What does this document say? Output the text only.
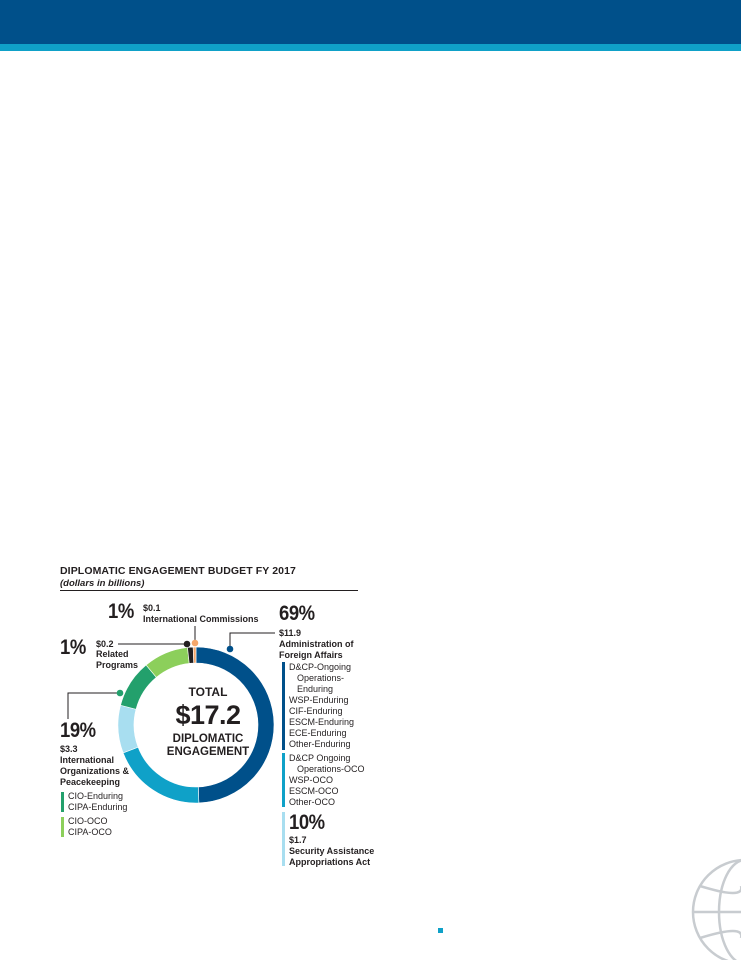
DIPLOMATIC ENGAGEMENT BUDGET FY 2017
(dollars in billions)
TOTAL
$17.2
DIPLOMATIC
ENGAGEMENT
1% $0.1
International Commissions
1% $0.2
Related
Programs
69%
$11.9
Administration of
Foreign Affairs
D&CP-Ongoing
Operations-
Enduring
WSP-Enduring
CIF-Enduring
ESCM-Enduring
ECE-Enduring
Other-Enduring
D&CP Ongoing
Operations-OCO
WSP-OCO
ESCM-OCO
Other-OCO
10%
$1.7
Security Assistance
Appropriations Act
19%
$3.3
International
Organizations &
Peacekeeping
CIO-Enduring
CIPA-Enduring
CIO-OCO
CIPA-OCO
